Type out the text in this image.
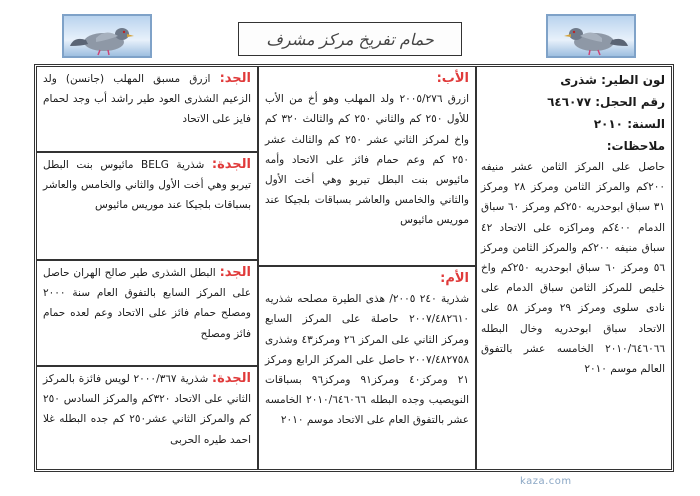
حمام تفريخ مركز مشرف
لون الطير: شذرى
رقم الحجل: ٦٤٦٠٧٧
السنة: ٢٠١٠
ملاحظات:
حاصل على المركز الثامن عشر منيفه ٢٠٠كم والمركز الثامن ومركز ٢٨ ومركز ٣١ سباق ابوحدريه ٢٥٠كم ومركز ٦٠ سباق الدمام ٤٠٠كم ومراكزه على الاتحاد ٤٢ سباق منيفه ٢٠٠كم والمركز الثامن ومركز ٥٦ ومركز ٦٠ سباق ابوحدريه ٢٥٠كم واخ خليص للمركز الثامن سباق الدمام على نادى سلوى ومركز ٢٩ ومركز ٥٨ على الاتحاد سباق ابوحدريه وخال البطله ٢٠١٠/٦٤٦٠٦٦ الخامسه عشر بالتفوق العالم موسم ٢٠١٠
الأب:
ازرق ٢٠٠٥/٢٧٦ ولد المهلب وهو أخ من الأب للأول ٢٥٠ كم والثاني ٢٥٠ كم والثالث ٣٢٠ كم واخ لمركز الثاني عشر ٢٥٠ كم والثالث عشر ٢٥٠ كم وعم حمام فائز على الاتحاد وأمه مائيوس بنت البطل تيربو وهي أخت الأول والثاني والخامس والعاشر بسباقات بلجيكا عند موريس مائيوس
الأم:
شذرية ٢٤٠ ٢٠٠٥/ هذى الطيرة مصلحه شذريه ٢٠٠٧/٤٨٢٦١٠ حاصلة على المركز السابع ومركز الثاني على المركز ٢٦ ومركز٤٣ وشذرى ٢٠٠٧/٤٨٢٧٥٨ حاصل على المركز الرابع ومركز ٢١ ومركز٤٠ ومركز٩١ ومركز٩٦ بسباقات النويصيب وجده البطله ٢٠١٠/٦٤٦٠٦٦ الخامسه عشر بالتفوق العام على الاتحاد موسم ٢٠١٠
الجد: ازرق مسبق المهلب (جانسن) ولد الزعيم الشذرى العود طير راشد أب وجد لحمام فايز على الاتحاد
الجدة: شذرية BELG مائيوس بنت البطل تيربو وهي أخت الأول والثاني والخامس والعاشر بسباقات بلجيكا عند موريس مائيوس
الجد: البطل الشذرى طير صالح الهران حاصل على المركز السابع بالتفوق العام سنة ٢٠٠٠ ومصلح حمام فائز على الاتحاد وعم لعده حمام فائز ومصلح
الجدة: شذرية ٢٠٠٠/٣٦٧ لويس فائزة بالمركز الثاني على الاتحاد ٣٢٠كم والمركز السادس ٢٥٠ كم والمركز الثاني عشر٢٥٠ كم جده البطله غلا احمد طيره الحربى
kaza.com
